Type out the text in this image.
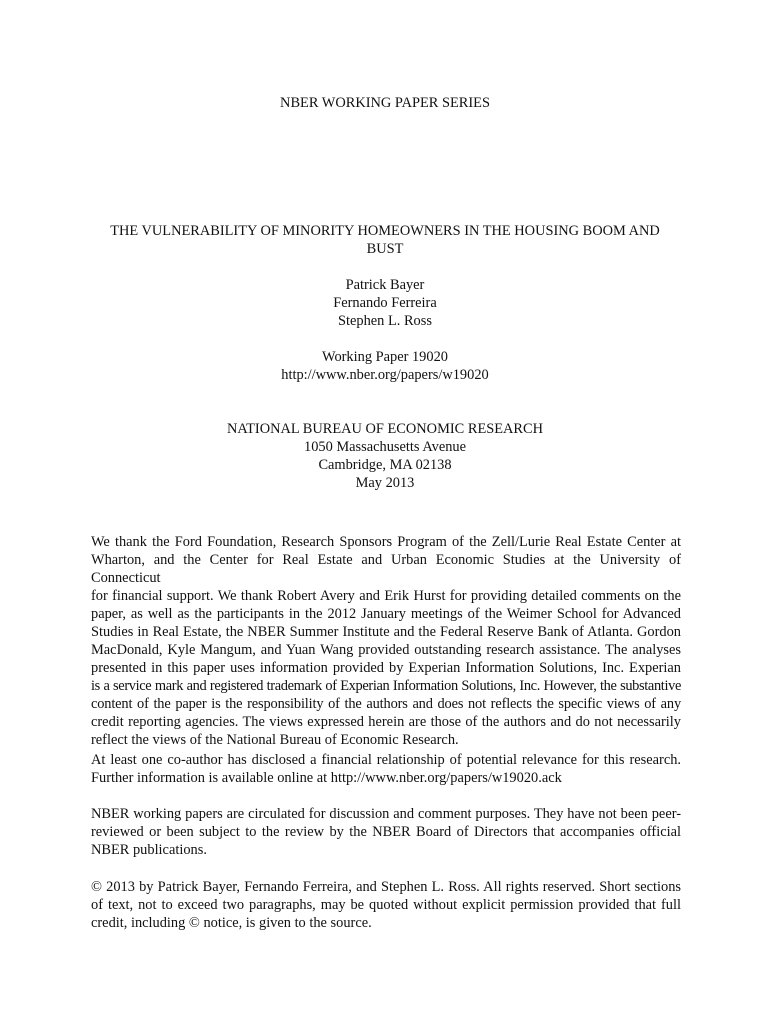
NBER WORKING PAPER SERIES
THE VULNERABILITY OF MINORITY HOMEOWNERS IN THE HOUSING BOOM AND BUST
Patrick Bayer
Fernando Ferreira
Stephen L. Ross
Working Paper 19020
http://www.nber.org/papers/w19020
NATIONAL BUREAU OF ECONOMIC RESEARCH
1050 Massachusetts Avenue
Cambridge, MA 02138
May 2013
We thank the Ford Foundation, Research Sponsors Program of the Zell/Lurie Real Estate Center at
Wharton, and the Center for Real Estate and Urban Economic Studies at the University of Connecticut
for financial support. We thank Robert Avery and Erik Hurst for providing detailed comments on the
paper, as well as the participants in the 2012 January meetings of the Weimer School for Advanced
Studies in Real Estate, the NBER Summer Institute and the Federal Reserve Bank of Atlanta. Gordon
MacDonald, Kyle Mangum, and Yuan Wang provided outstanding research assistance. The analyses
presented in this paper uses information provided by Experian Information Solutions, Inc. Experian
is a service mark and registered trademark of Experian Information Solutions, Inc. However, the substantive
content of the paper is the responsibility of the authors and does not reflects the specific views of any
credit reporting agencies. The views expressed herein are those of the authors and do not necessarily
reflect the views of the National Bureau of Economic Research.
At least one co-author has disclosed a financial relationship of potential relevance for this research.
Further information is available online at http://www.nber.org/papers/w19020.ack
NBER working papers are circulated for discussion and comment purposes. They have not been peer-
reviewed or been subject to the review by the NBER Board of Directors that accompanies official
NBER publications.
© 2013 by Patrick Bayer, Fernando Ferreira, and Stephen L. Ross. All rights reserved. Short sections
of text, not to exceed two paragraphs, may be quoted without explicit permission provided that full
credit, including © notice, is given to the source.
